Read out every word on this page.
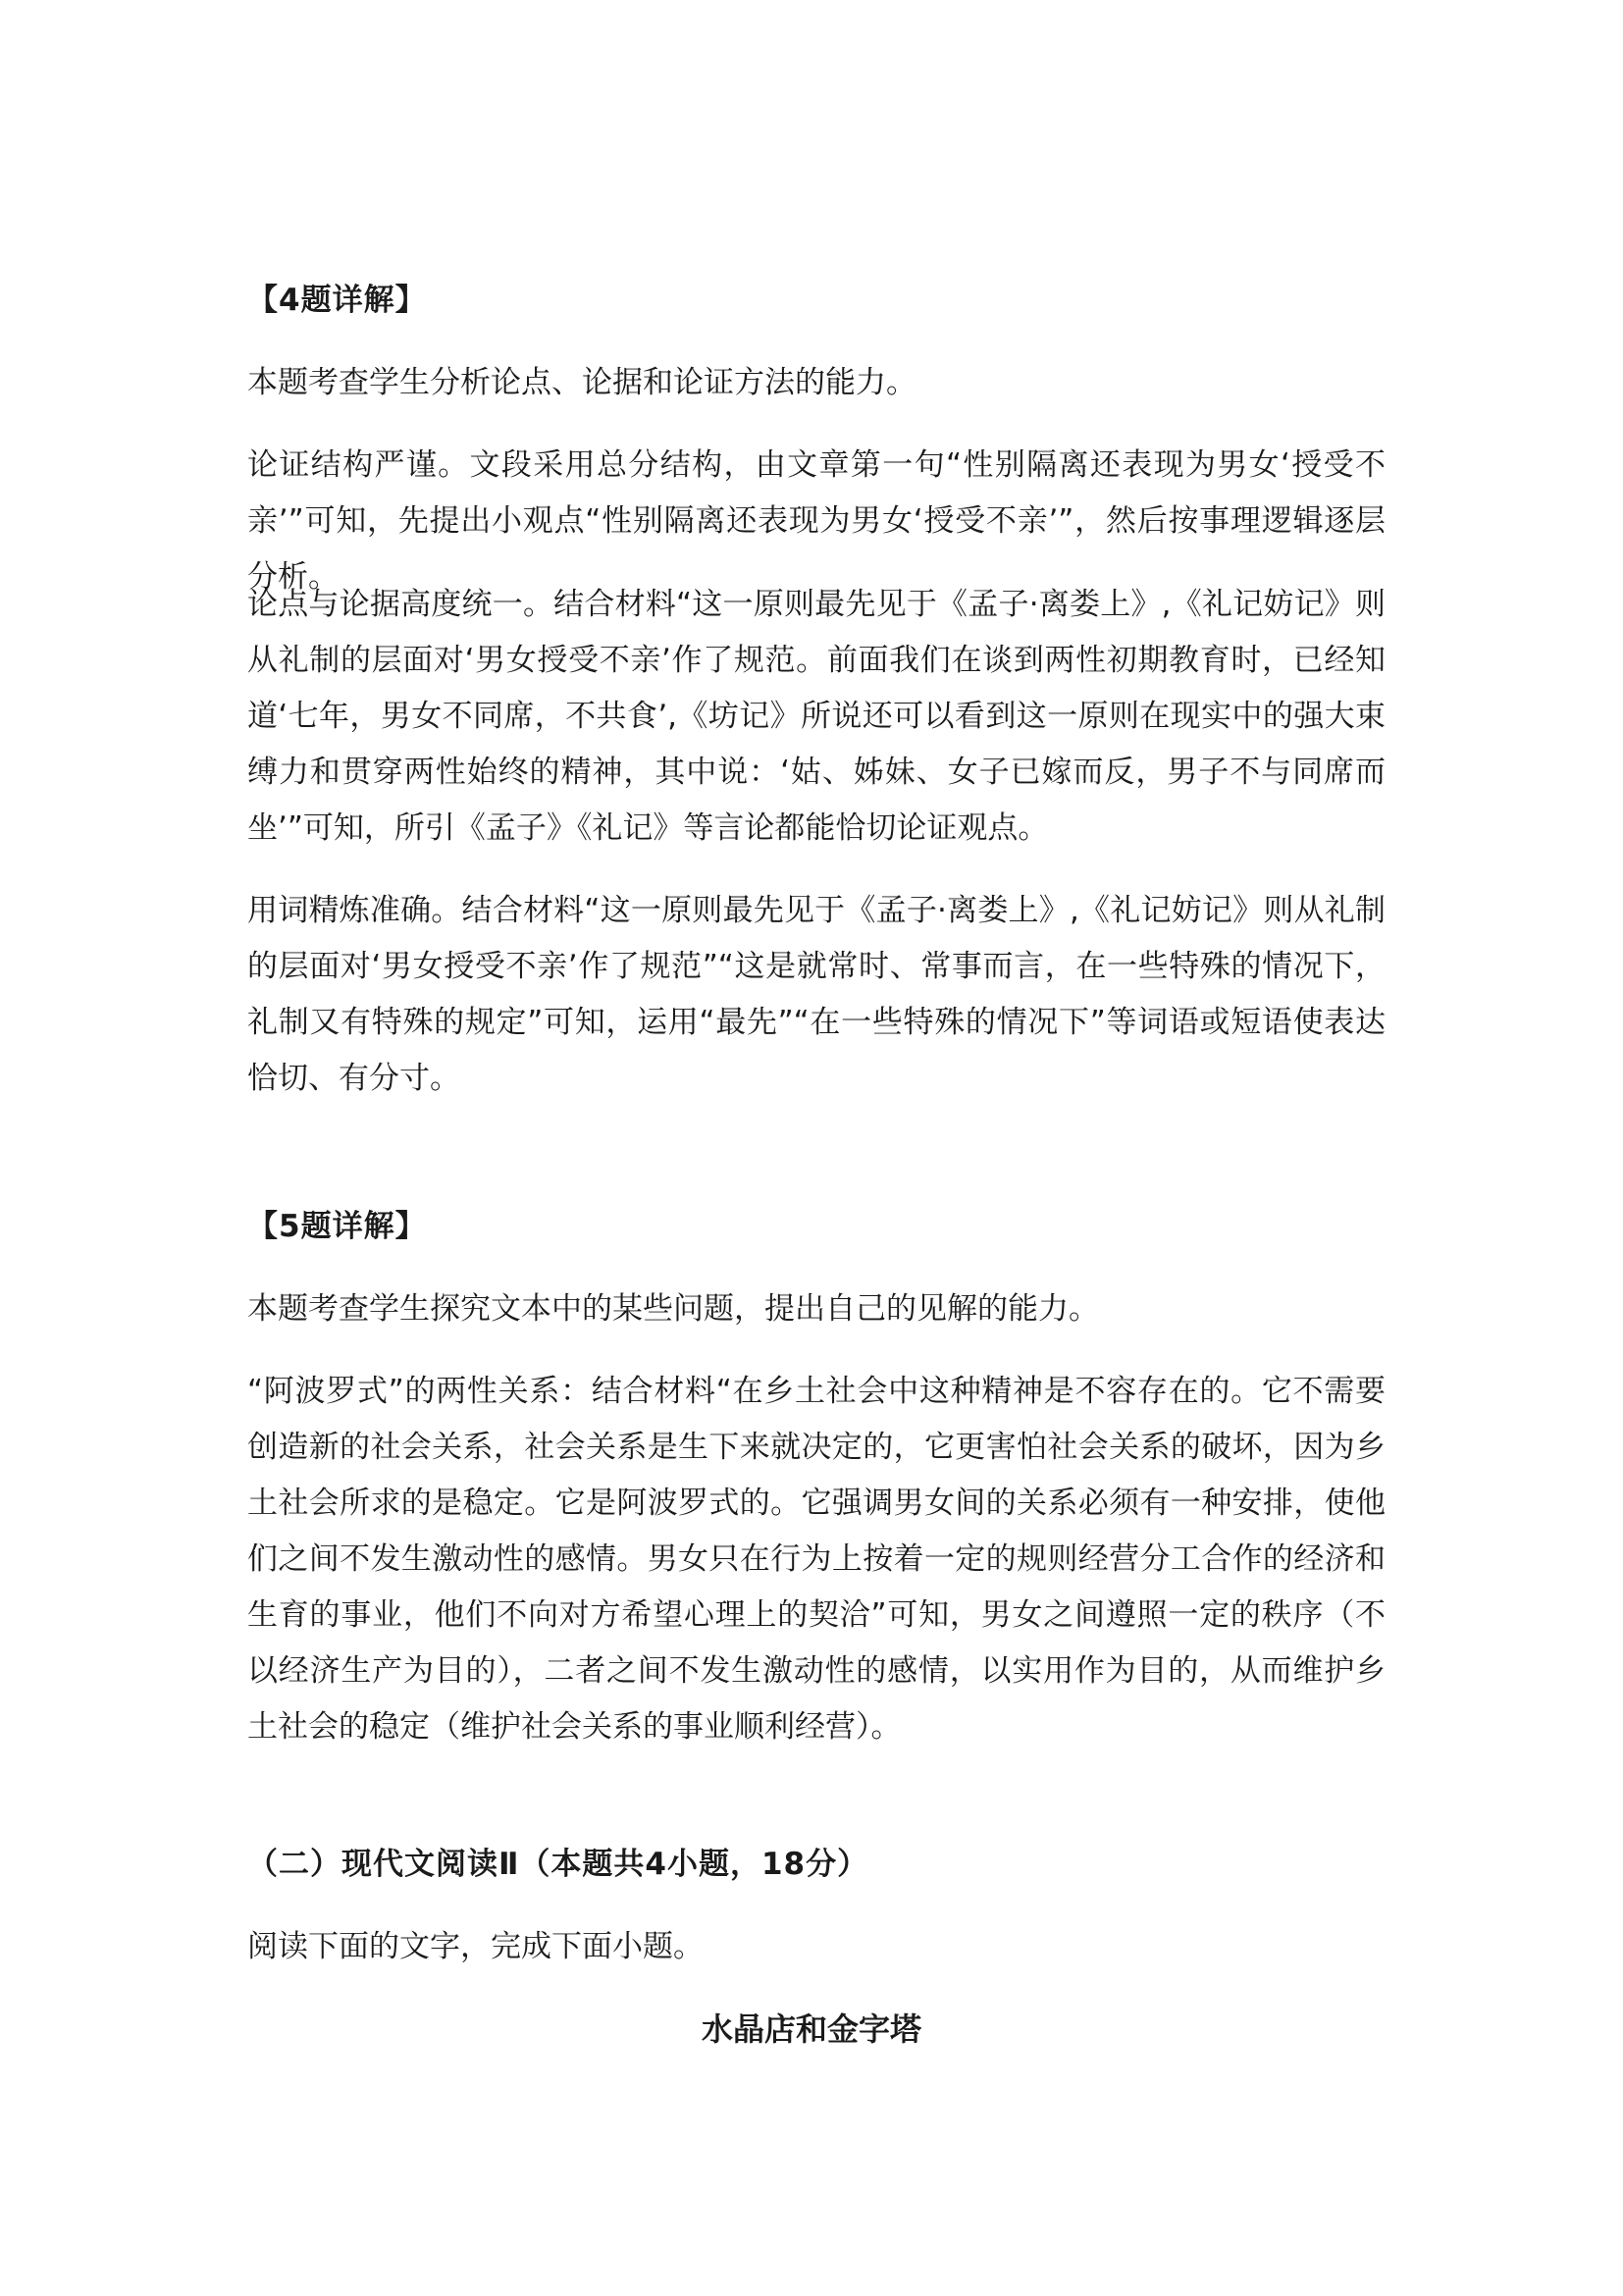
【4题详解】

本题考查学生分析论点、论据和论证方法的能力。

论证结构严谨。文段采用总分结构，由文章第一句“性别隔离还表现为男女‘授受不亲’”可知，先提出小观点“性别隔离还表现为男女‘授受不亲’”，然后按事理逻辑逐层分析。

论点与论据高度统一。结合材料“这一原则最先见于《孟子·离娄上》,《礼记妨记》则从礼制的层面对‘男女授受不亲’作了规范。前面我们在谈到两性初期教育时，已经知道‘七年，男女不同席，不共食’,《坊记》所说还可以看到这一原则在现实中的强大束缚力和贯穿两性始终的精神，其中说：‘姑、姊妹、女子已嫁而反，男子不与同席而坐’”可知，所引《孟子》《礼记》等言论都能恰切论证观点。

用词精炼准确。结合材料“这一原则最先见于《孟子·离娄上》,《礼记妨记》则从礼制的层面对‘男女授受不亲’作了规范”“这是就常时、常事而言，在一些特殊的情况下，礼制又有特殊的规定”可知，运用“最先”“在一些特殊的情况下”等词语或短语使表达恰切、有分寸。

【5题详解】

本题考查学生探究文本中的某些问题，提出自己的见解的能力。

“阿波罗式”的两性关系：结合材料“在乡土社会中这种精神是不容存在的。它不需要创造新的社会关系，社会关系是生下来就决定的，它更害怕社会关系的破坏，因为乡土社会所求的是稳定。它是阿波罗式的。它强调男女间的关系必须有一种安排，使他们之间不发生激动性的感情。男女只在行为上按着一定的规则经营分工合作的经济和生育的事业，他们不向对方希望心理上的契洽”可知，男女之间遵照一定的秩序（不以经济生产为目的），二者之间不发生激动性的感情，以实用作为目的，从而维护乡土社会的稳定（维护社会关系的事业顺利经营）。

（二）现代文阅读Ⅱ（本题共4小题，18分）

阅读下面的文字，完成下面小题。

水晶店和金字塔
